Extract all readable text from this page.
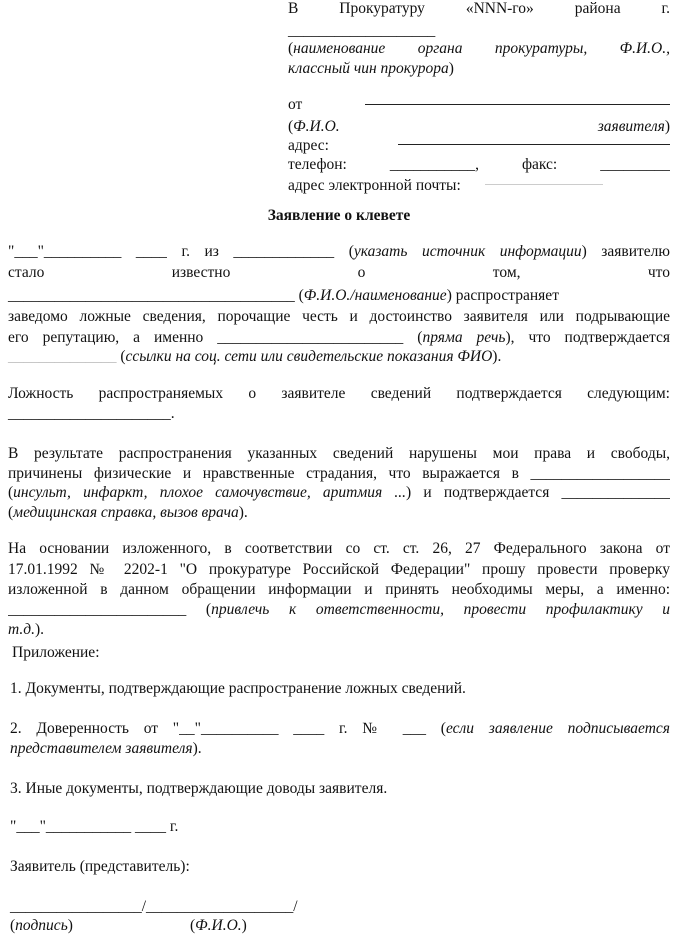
Заявление о клевете
В Прокуратуру «NNN-го» района г.
___________________
(наименование органа прокуратуры, Ф.И.О.,
классный чин прокурора)
от
(Ф.И.О. заявителя)
адрес:
телефон: ___________, факс: _________
адрес электронной почты:
"___"__________ ____ г. из _____________ (указать источник информации) заявителю
стало известно о том, что
_____________________________________ (Ф.И.О./наименование) распространяет
заведомо ложные сведения, порочащие честь и достоинство заявителя или подрывающие
его репутацию, а именно ________________________ (пряма речь), что подтверждается
______________ (ссылки на соц. сети или свидетельские показания ФИО).
Ложность распространяемых о заявителе сведений подтверждается следующим:
_____________________.
В результате распространения указанных сведений нарушены мои права и свободы,
причинены физические и нравственные страдания, что выражается в __________________
(инсульт, инфаркт, плохое самочувствие, аритмия ...) и подтверждается ______________
(медицинская справка, вызов врача).
На основании изложенного, в соответствии со ст. ст. 26, 27 Федерального закона от
17.01.1992 № 2202-1 "О прокуратуре Российской Федерации" прошу провести проверку
изложенной в данном обращении информации и принять необходимы меры, а именно:
_______________________ (привлечь к ответственности, провести профилактику и
т.д.).
Приложение:
1. Документы, подтверждающие распространение ложных сведений.
2. Доверенность от "__"__________ ____ г. № ___ (если заявление подписывается
представителем заявителя).
3. Иные документы, подтверждающие доводы заявителя.
"___"___________ ____ г.
Заявитель (представитель):
_________________/___________________/
(подпись)	(Ф.И.О.)
